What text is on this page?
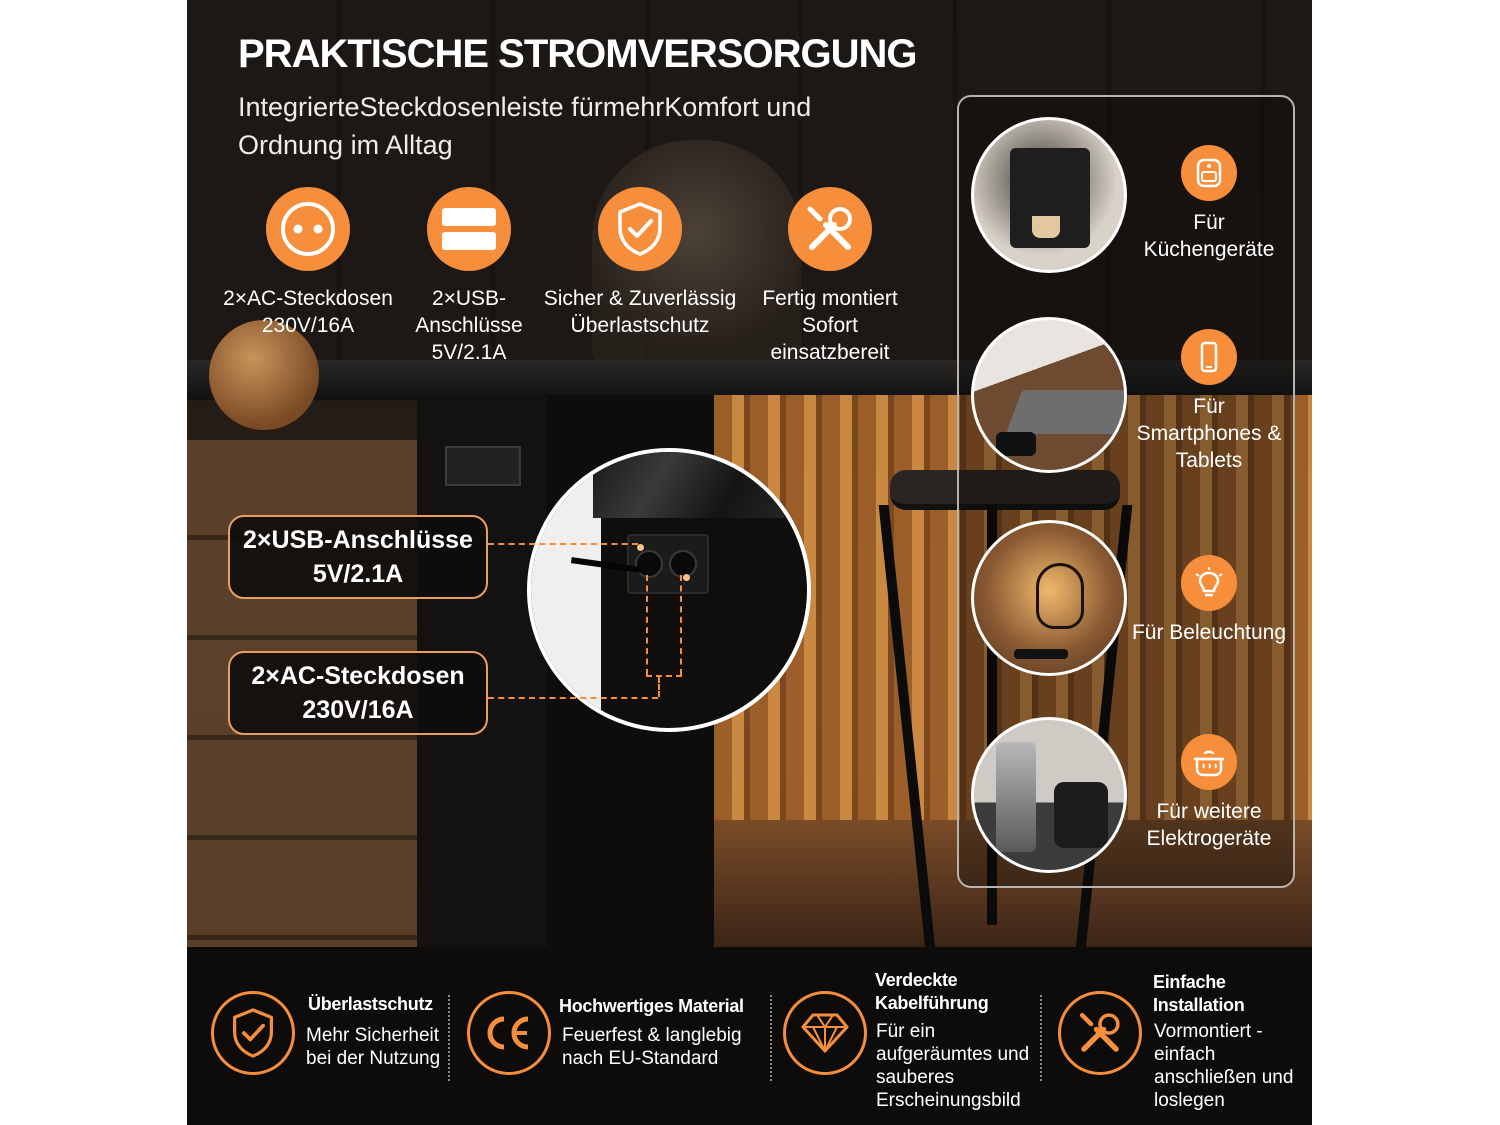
PRAKTISCHE STROMVERSORGUNG

IntegrierteSteckdosenleiste fürmehrKomfort und Ordnung im Alltag

2×AC-Steckdosen
230V/16A
2×USB-
Anschlüsse
5V/2.1A
Sicher & Zuverlässig
Überlastschutz
Fertig montiert
Sofort
einsatzbereit
2×USB-Anschlüsse
5V/2.1A
2×AC-Steckdosen
230V/16A
Für
Küchengeräte
Für
Smartphones &
Tablets
Für Beleuchtung
Für weitere
Elektrogeräte
Überlastschutz
Mehr Sicherheit
bei der Nutzung
Hochwertiges Material
Feuerfest & langlebig
nach EU-Standard
Verdeckte
Kabelführung
Für ein
aufgeräumtes und
sauberes
Erscheinungsbild
Einfache
Installation
Vormontiert -
einfach
anschließen und
loslegen
